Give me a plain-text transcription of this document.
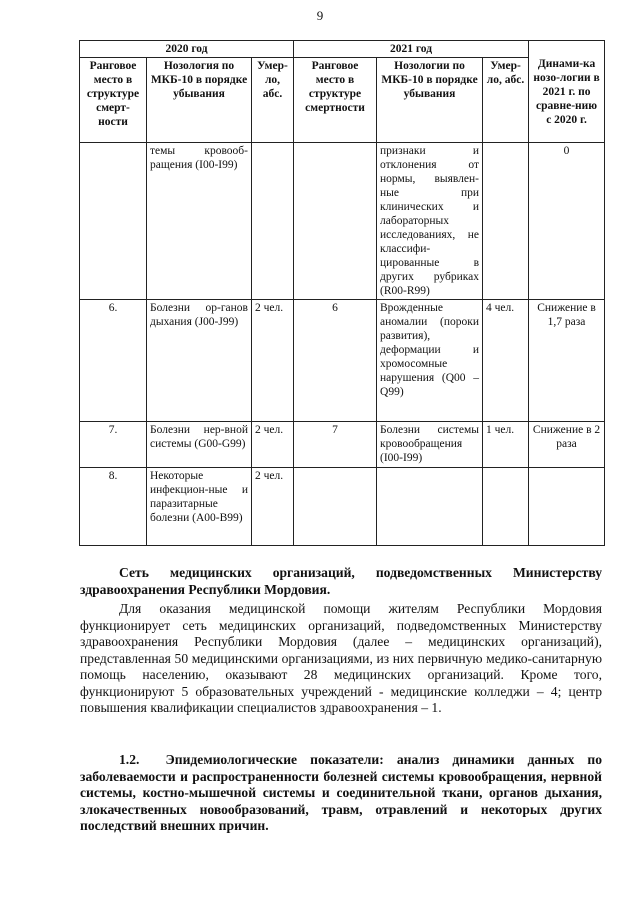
9
2020 год			2021 год			Динами-ка нозо-логии в 2021 г. по сравне-нию с 2020 г.
Ранговое место в структуре смерт-ности	Нозология по МКБ-10 в порядке убывания	Умер-ло, абс.	Ранговое место в структуре смертности	Нозологии по МКБ-10 в порядке убывания	Умер-ло, абс.	
	темы кровооб-ращения (I00-I99)			признаки и отклонения от нормы, выявлен-ные при клинических и лабораторных исследованиях, не классифи-цированные в других рубриках (R00-R99)		0
6.	Болезни ор-ганов дыхания (J00-J99)	2 чел.	6	Врожденные аномалии (пороки развития), деформации и хромосомные нарушения (Q00 – Q99)	4 чел.	Снижение в 1,7 раза
7.	Болезни нер-вной системы (G00-G99)	2 чел.	7	Болезни системы кровообращения (I00-I99)	1 чел.	Снижение в 2 раза
8.	Некоторые инфекцион-ные и паразитарные болезни (A00-B99)	2 чел.				
Сеть медицинских организаций, подведомственных Министерству здравоохранения Республики Мордовия.
Для оказания медицинской помощи жителям Республики Мордовия функционирует сеть медицинских организаций, подведомственных Министерству здравоохранения Республики Мордовия (далее – медицинских организаций), представленная 50 медицинскими организациями, из них первичную медико-санитарную помощь населению, оказывают 28 медицинских организаций. Кроме того, функционируют 5 образовательных учреждений - медицинские колледжи – 4; центр повышения квалификации специалистов здравоохранения – 1.
1.2. Эпидемиологические показатели: анализ динамики данных по заболеваемости и распространенности болезней системы кровообращения, нервной системы, костно-мышечной системы и соединительной ткани, органов дыхания, злокачественных новообразований, травм, отравлений и некоторых других последствий внешних причин.
